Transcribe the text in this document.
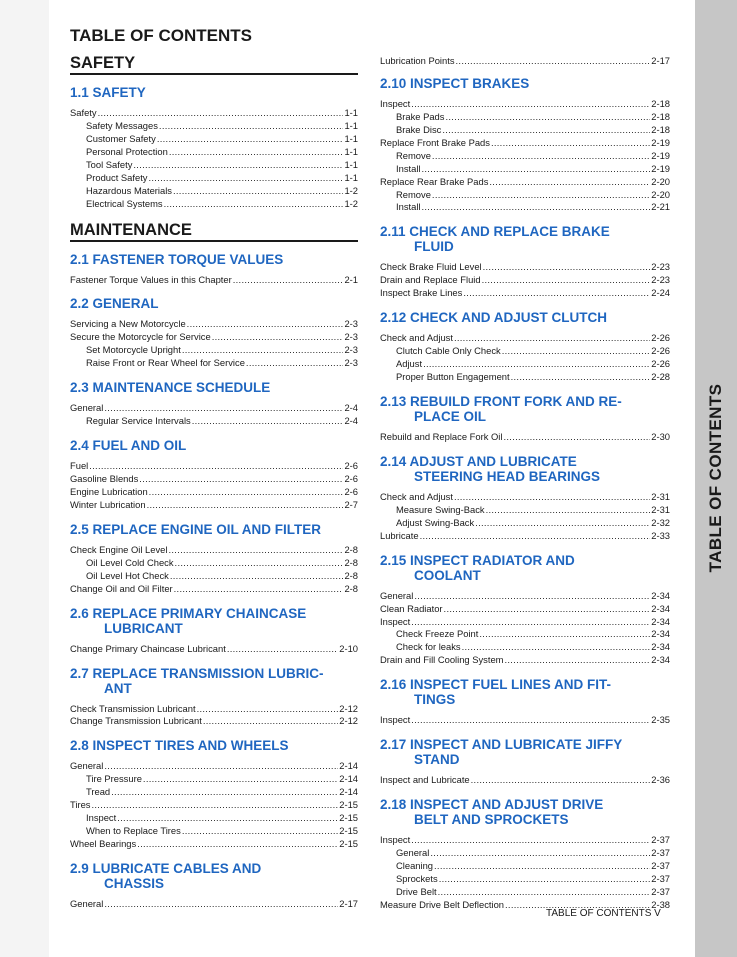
TABLE OF CONTENTS
TABLE OF CONTENTS
SAFETY
1.1 SAFETY
Safety .....	1-1
Safety Messages .....	1-1
Customer Safety .....	1-1
Personal Protection .....	1-1
Tool Safety .....	1-1
Product Safety .....	1-1
Hazardous Materials .....	1-2
Electrical Systems .....	1-2
MAINTENANCE
2.1 FASTENER TORQUE VALUES
Fastener Torque Values in this Chapter .....	2-1
2.2 GENERAL
Servicing a New Motorcycle .....	2-3
Secure the Motorcycle for Service .....	2-3
Set Motorcycle Upright .....	2-3
Raise Front or Rear Wheel for Service .....	2-3
2.3 MAINTENANCE SCHEDULE
General .....	2-4
Regular Service Intervals .....	2-4
2.4 FUEL AND OIL
Fuel .....	2-6
Gasoline Blends .....	2-6
Engine Lubrication .....	2-6
Winter Lubrication .....	2-7
2.5 REPLACE ENGINE OIL AND FILTER
Check Engine Oil Level .....	2-8
Oil Level Cold Check .....	2-8
Oil Level Hot Check .....	2-8
Change Oil and Oil Filter .....	2-8
2.6 REPLACE PRIMARY CHAINCASE
LUBRICANT
Change Primary Chaincase Lubricant .....	2-10
2.7 REPLACE TRANSMISSION LUBRIC-
ANT
Check Transmission Lubricant .....	2-12
Change Transmission Lubricant .....	2-12
2.8 INSPECT TIRES AND WHEELS
General .....	2-14
Tire Pressure .....	2-14
Tread .....	2-14
Tires .....	2-15
Inspect .....	2-15
When to Replace Tires .....	2-15
Wheel Bearings .....	2-15
2.9 LUBRICATE CABLES AND
CHASSIS
General .....	2-17
Lubrication Points .....	2-17
2.10 INSPECT BRAKES
Inspect .....	2-18
Brake Pads .....	2-18
Brake Disc .....	2-18
Replace Front Brake Pads .....	2-19
Remove .....	2-19
Install .....	2-19
Replace Rear Brake Pads .....	2-20
Remove .....	2-20
Install .....	2-21
2.11 CHECK AND REPLACE BRAKE
FLUID
Check Brake Fluid Level .....	2-23
Drain and Replace Fluid .....	2-23
Inspect Brake Lines .....	2-24
2.12 CHECK AND ADJUST CLUTCH
Check and Adjust .....	2-26
Clutch Cable Only Check .....	2-26
Adjust .....	2-26
Proper Button Engagement .....	2-28
2.13 REBUILD FRONT FORK AND RE-
PLACE OIL
Rebuild and Replace Fork Oil .....	2-30
2.14 ADJUST AND LUBRICATE
STEERING HEAD BEARINGS
Check and Adjust .....	2-31
Measure Swing-Back .....	2-31
Adjust Swing-Back .....	2-32
Lubricate .....	2-33
2.15 INSPECT RADIATOR AND
COOLANT
General .....	2-34
Clean Radiator .....	2-34
Inspect .....	2-34
Check Freeze Point .....	2-34
Check for leaks .....	2-34
Drain and Fill Cooling System .....	2-34
2.16 INSPECT FUEL LINES AND FIT-
TINGS
Inspect .....	2-35
2.17 INSPECT AND LUBRICATE JIFFY
STAND
Inspect and Lubricate .....	2-36
2.18 INSPECT AND ADJUST DRIVE
BELT AND SPROCKETS
Inspect .....	2-37
General .....	2-37
Cleaning .....	2-37
Sprockets .....	2-37
Drive Belt .....	2-37
Measure Drive Belt Deflection .....	2-38
TABLE OF CONTENTS V
